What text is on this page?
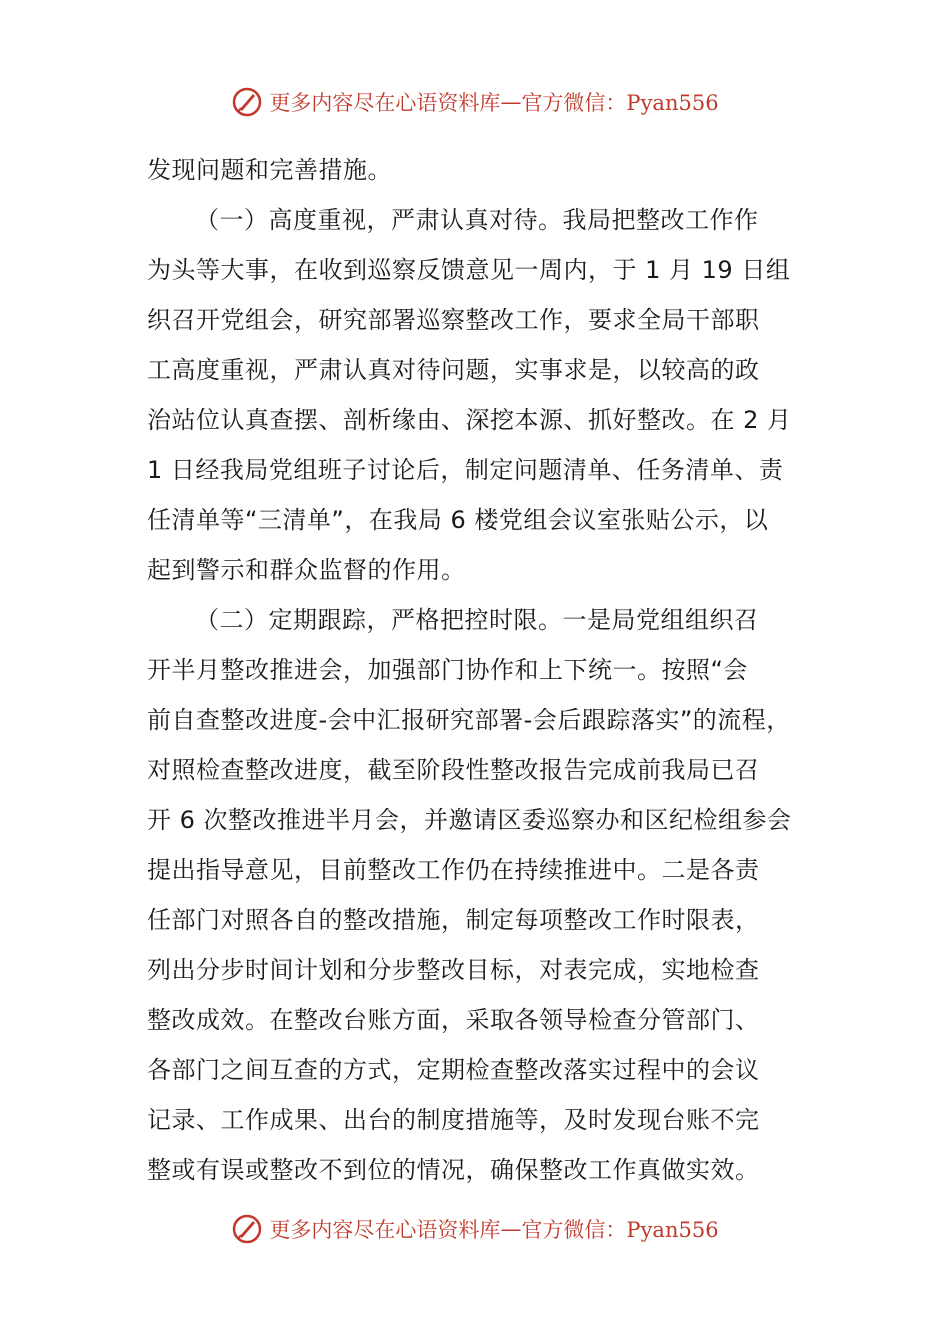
更多内容尽在心语资料库 — 官方微信：Pyan556
发现问题和完善措施。
（一）高度重视，严肃认真对待。我局把整改工作作
为头等大事，在收到巡察反馈意见一周内，于 1 月 19 日组
织召开党组会，研究部署巡察整改工作，要求全局干部职
工高度重视，严肃认真对待问题，实事求是，以较高的政
治站位认真查摆、剖析缘由、深挖本源、抓好整改。在 2 月
1 日经我局党组班子讨论后，制定问题清单、任务清单、责
任清单等“三清单”，在我局 6 楼党组会议室张贴公示，以
起到警示和群众监督的作用。
（二）定期跟踪，严格把控时限。一是局党组组织召
开半月整改推进会，加强部门协作和上下统一。按照“会
前自查整改进度-会中汇报研究部署-会后跟踪落实”的流程，
对照检查整改进度，截至阶段性整改报告完成前我局已召
开 6 次整改推进半月会，并邀请区委巡察办和区纪检组参会
提出指导意见，目前整改工作仍在持续推进中。二是各责
任部门对照各自的整改措施，制定每项整改工作时限表，
列出分步时间计划和分步整改目标，对表完成，实地检查
整改成效。在整改台账方面，采取各领导检查分管部门、
各部门之间互查的方式，定期检查整改落实过程中的会议
记录、工作成果、出台的制度措施等，及时发现台账不完
整或有误或整改不到位的情况，确保整改工作真做实效。
更多内容尽在心语资料库 — 官方微信：Pyan556
